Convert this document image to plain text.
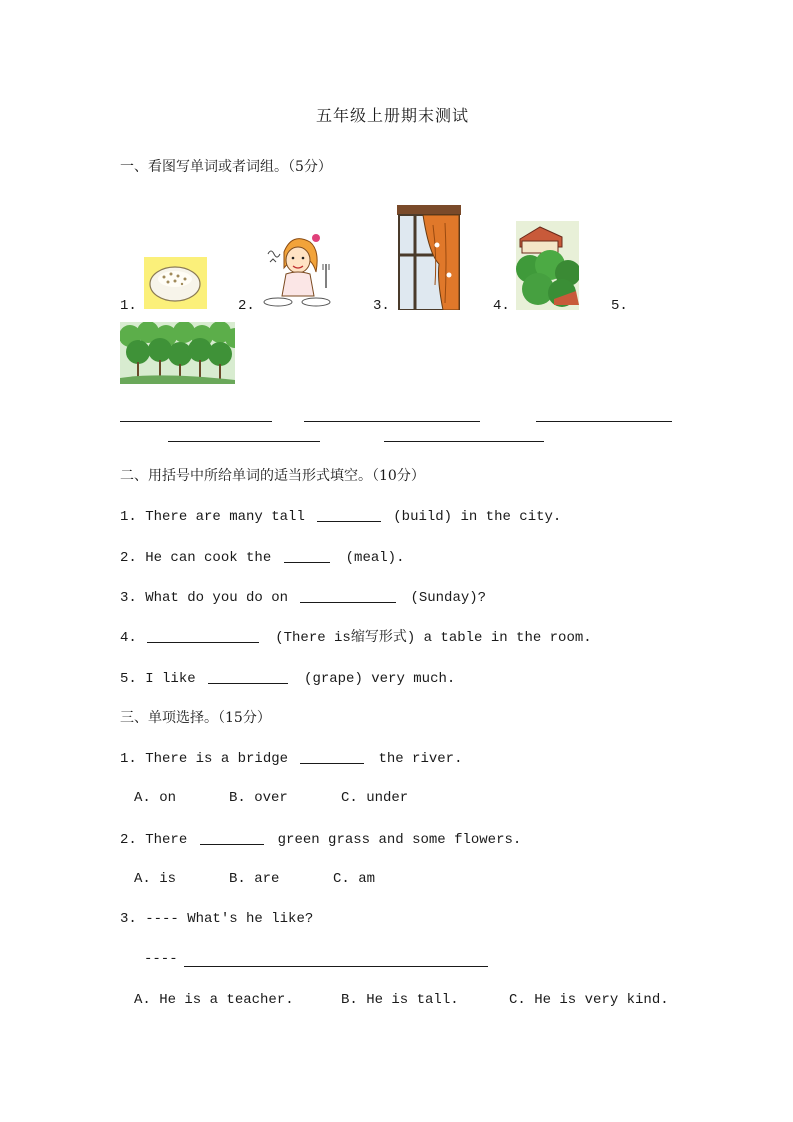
五年级上册期末测试
一、看图写单词或者词组。（5分）
1.	2.	3.	4.	5.
二、用括号中所给单词的适当形式填空。（10分）
1. There are many tall	(build) in the city.
2. He can cook the	(meal).
3. What do you do on	(Sunday)?
4.	(There is缩写形式) a table in the room.
5. I like	(grape) very much.
三、单项选择。（15分）
1. There is a bridge	the river.
A. on	B. over	C. under
2. There	green grass and some flowers.
A. is	B. are	C. am
3. ---- What's he like?
----
A. He is a teacher.	B. He is tall.	C. He is very kind.
